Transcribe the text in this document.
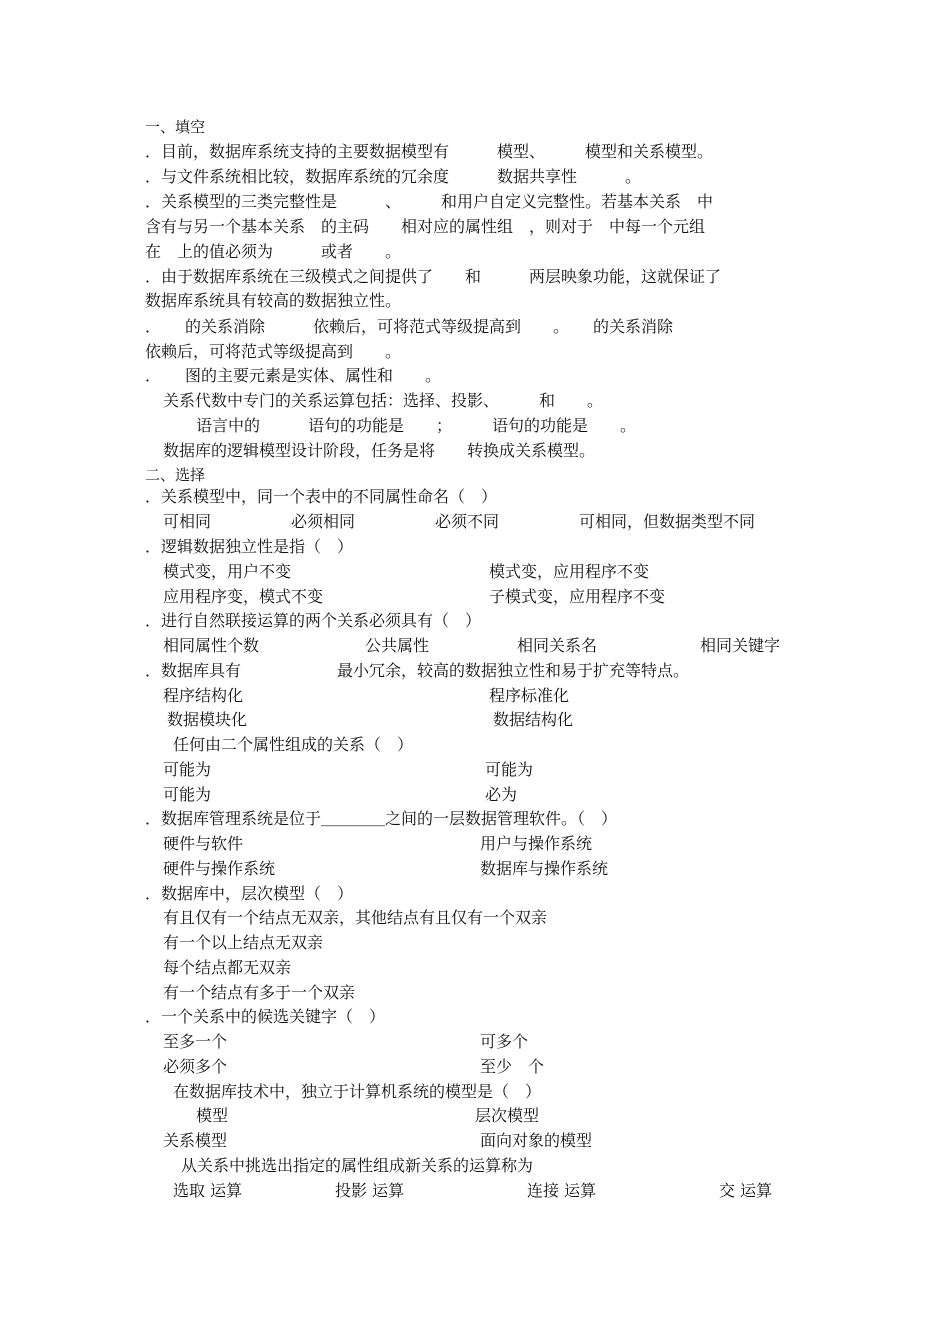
一、填空
．目前，数据库系统支持的主要数据模型有　　　模型、　　　模型和关系模型。
．与文件系统相比较，数据库系统的冗余度　　　数据共享性　　　。
．关系模型的三类完整性是　　　、　　　和用户自定义完整性。若基本关系　中
含有与另一个基本关系　的主码　　相对应的属性组　，则对于　中每一个元组
在　上的值必须为　　　或者　　。
．由于数据库系统在三级模式之间提供了　　和　　　两层映象功能，这就保证了
数据库系统具有较高的数据独立性。
．　　的关系消除　　　依赖后，可将范式等级提高到　　。　　的关系消除
依赖后，可将范式等级提高到　　。
．　　图的主要元素是实体、属性和　　。
关系代数中专门的关系运算包括：选择、投影、　　　和　　。
语言中的　　　语句的功能是　　；　　　语句的功能是　　。
数据库的逻辑模型设计阶段，任务是将　　转换成关系模型。
二、选择
．关系模型中，同一个表中的不同属性命名（　）
可相同　　　　　必须相同　　　　　必须不同　　　　　可相同，但数据类型不同
．逻辑数据独立性是指（　）
模式变，用户不变	模式变，应用程序不变
应用程序变，模式不变	子模式变，应用程序不变
．进行自然联接运算的两个关系必须具有（　）
相同属性个数	公共属性	相同关系名	相同关键字
．数据库具有	最小冗余，较高的数据独立性和易于扩充等特点。
程序结构化	程序标准化
数据模块化	数据结构化
任何由二个属性组成的关系（　）
可能为	可能为
可能为	必为
．数据库管理系统是位于＿＿＿＿之间的一层数据管理软件。（　）
硬件与软件	用户与操作系统
硬件与操作系统	数据库与操作系统
．数据库中，层次模型（　）
有且仅有一个结点无双亲，其他结点有且仅有一个双亲
有一个以上结点无双亲
每个结点都无双亲
有一个结点有多于一个双亲
．一个关系中的候选关键字（　）
至多一个	可多个
必须多个	至少　个
在数据库技术中，独立于计算机系统的模型是（　）
模型	层次模型
关系模型	面向对象的模型
从关系中挑选出指定的属性组成新关系的运算称为
选取 运算	投影 运算	连接 运算	交 运算
